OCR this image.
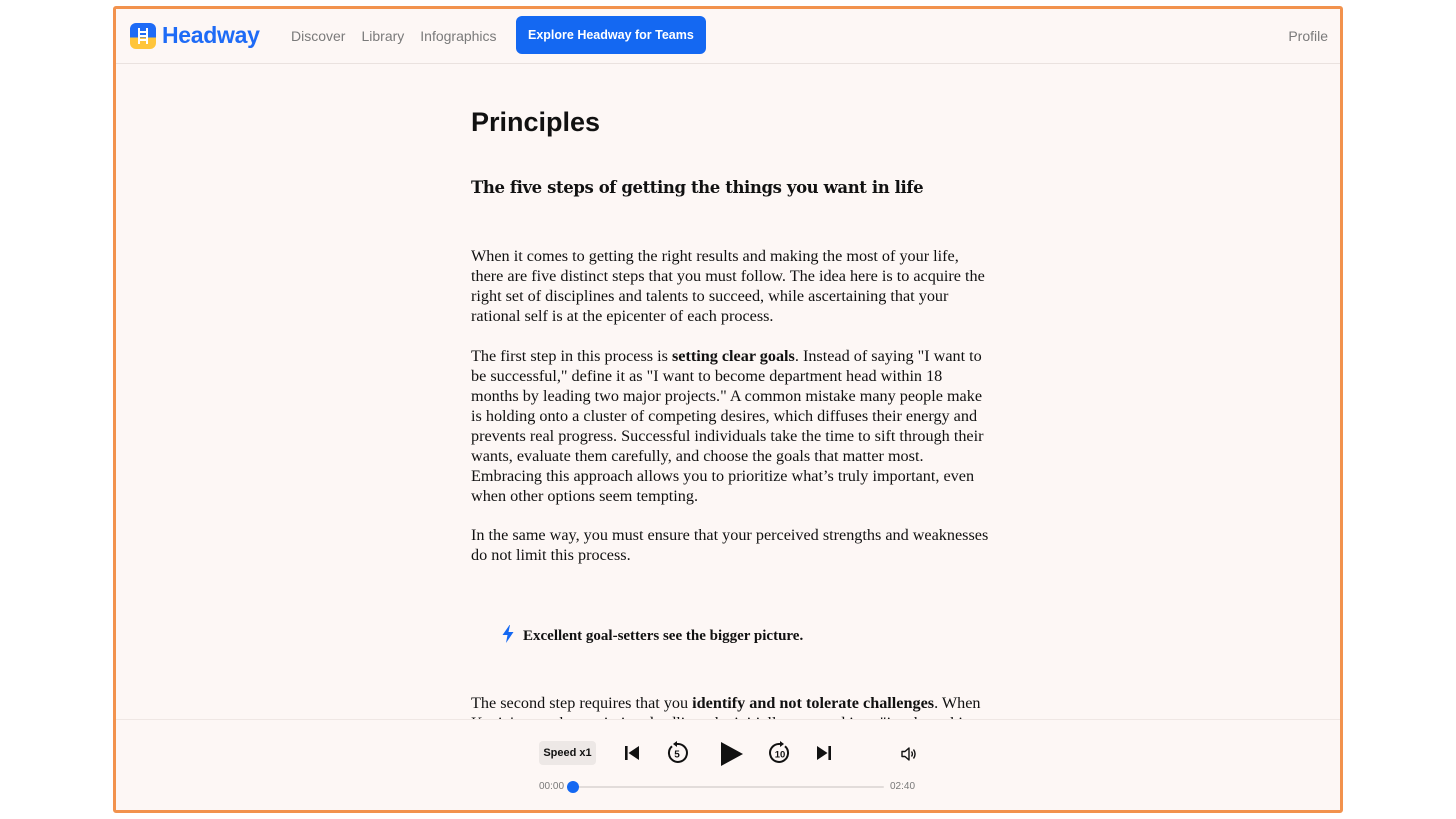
Headway Discover Library Infographics	Explore Headway for Teams	Profile
Principles
The five steps of getting the things you want in life

When it comes to getting the right results and making the most of your life, there are five distinct steps that you must follow. The idea here is to acquire the right set of disciplines and talents to succeed, while ascertaining that your rational self is at the epicenter of each process.

The first step in this process is setting clear goals. Instead of saying "I want to be successful," define it as "I want to become department head within 18 months by leading two major projects." A common mistake many people make is holding onto a cluster of competing desires, which diffuses their energy and prevents real progress. Successful individuals take the time to sift through their wants, evaluate them carefully, and choose the goals that matter most. Embracing this approach allows you to prioritize what’s truly important, even when other options seem tempting.

In the same way, you must ensure that your perceived strengths and weaknesses do not limit this process.

Excellent goal-setters see the bigger picture.

The second step requires that you identify and not tolerate challenges. When

Speed x1	5	10
00:00	02:40
